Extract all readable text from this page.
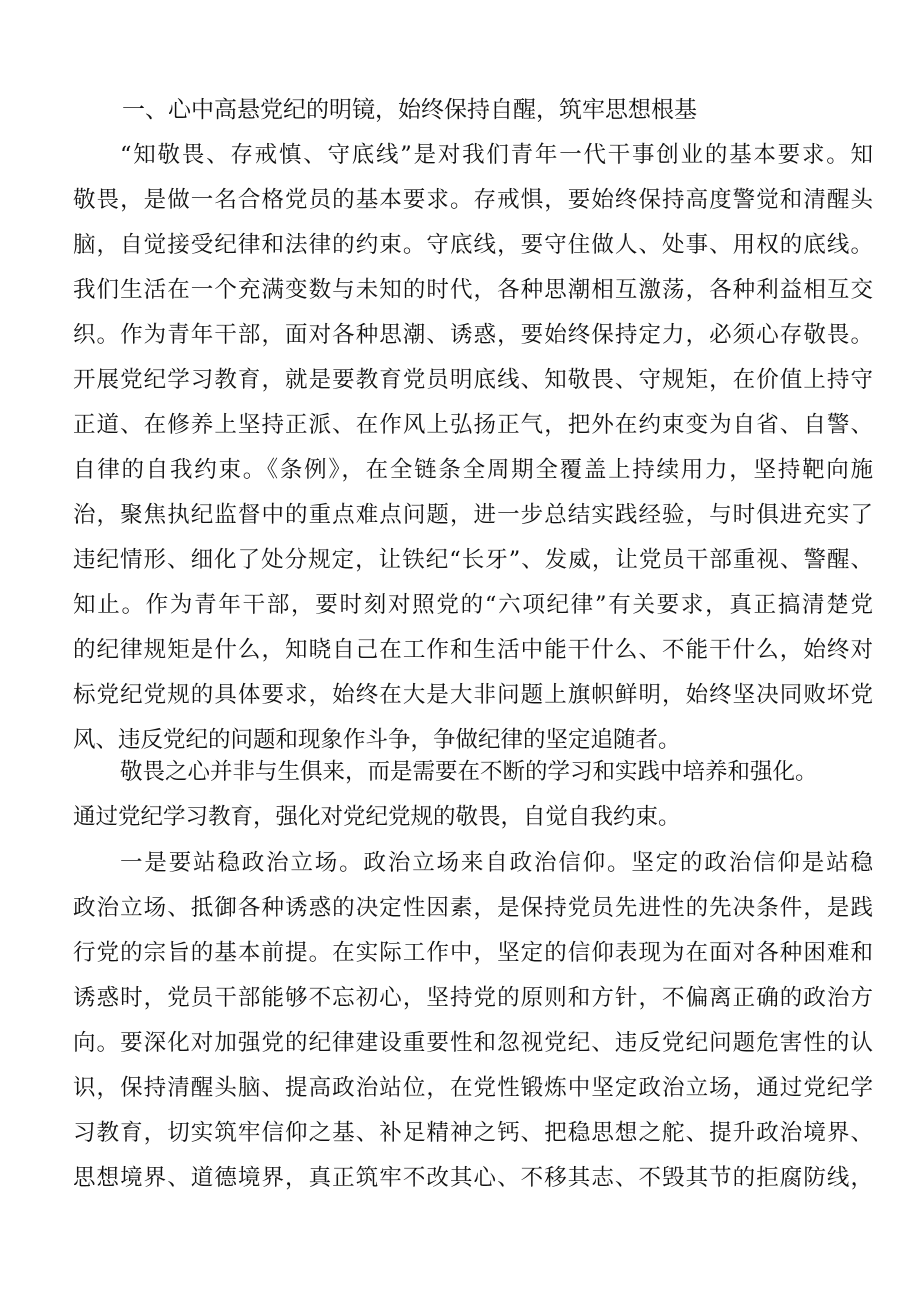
一、心中高悬党纪的明镜，始终保持自醒，筑牢思想根基
“知敬畏、存戒慎、守底线”是对我们青年一代干事创业的基本要求。知
敬畏，是做一名合格党员的基本要求。存戒惧，要始终保持高度警觉和清醒头
脑，自觉接受纪律和法律的约束。守底线，要守住做人、处事、用权的底线。
我们生活在一个充满变数与未知的时代，各种思潮相互激荡，各种利益相互交
织。作为青年干部，面对各种思潮、诱惑，要始终保持定力，必须心存敬畏。
开展党纪学习教育，就是要教育党员明底线、知敬畏、守规矩，在价值上持守
正道、在修养上坚持正派、在作风上弘扬正气，把外在约束变为自省、自警、
自律的自我约束。《条例》，在全链条全周期全覆盖上持续用力，坚持靶向施
治，聚焦执纪监督中的重点难点问题，进一步总结实践经验，与时俱进充实了
违纪情形、细化了处分规定，让铁纪“长牙”、发威，让党员干部重视、警醒、
知止。作为青年干部，要时刻对照党的“六项纪律”有关要求，真正搞清楚党
的纪律规矩是什么，知晓自己在工作和生活中能干什么、不能干什么，始终对
标党纪党规的具体要求，始终在大是大非问题上旗帜鲜明，始终坚决同败坏党
风、违反党纪的问题和现象作斗争，争做纪律的坚定追随者。
敬畏之心并非与生俱来，而是需要在不断的学习和实践中培养和强化。
通过党纪学习教育，强化对党纪党规的敬畏，自觉自我约束。
一是要站稳政治立场。政治立场来自政治信仰。坚定的政治信仰是站稳
政治立场、抵御各种诱惑的决定性因素，是保持党员先进性的先决条件，是践
行党的宗旨的基本前提。在实际工作中，坚定的信仰表现为在面对各种困难和
诱惑时，党员干部能够不忘初心，坚持党的原则和方针，不偏离正确的政治方
向。要深化对加强党的纪律建设重要性和忽视党纪、违反党纪问题危害性的认
识，保持清醒头脑、提高政治站位，在党性锻炼中坚定政治立场，通过党纪学
习教育，切实筑牢信仰之基、补足精神之钙、把稳思想之舵、提升政治境界、
思想境界、道德境界，真正筑牢不改其心、不移其志、不毁其节的拒腐防线，
